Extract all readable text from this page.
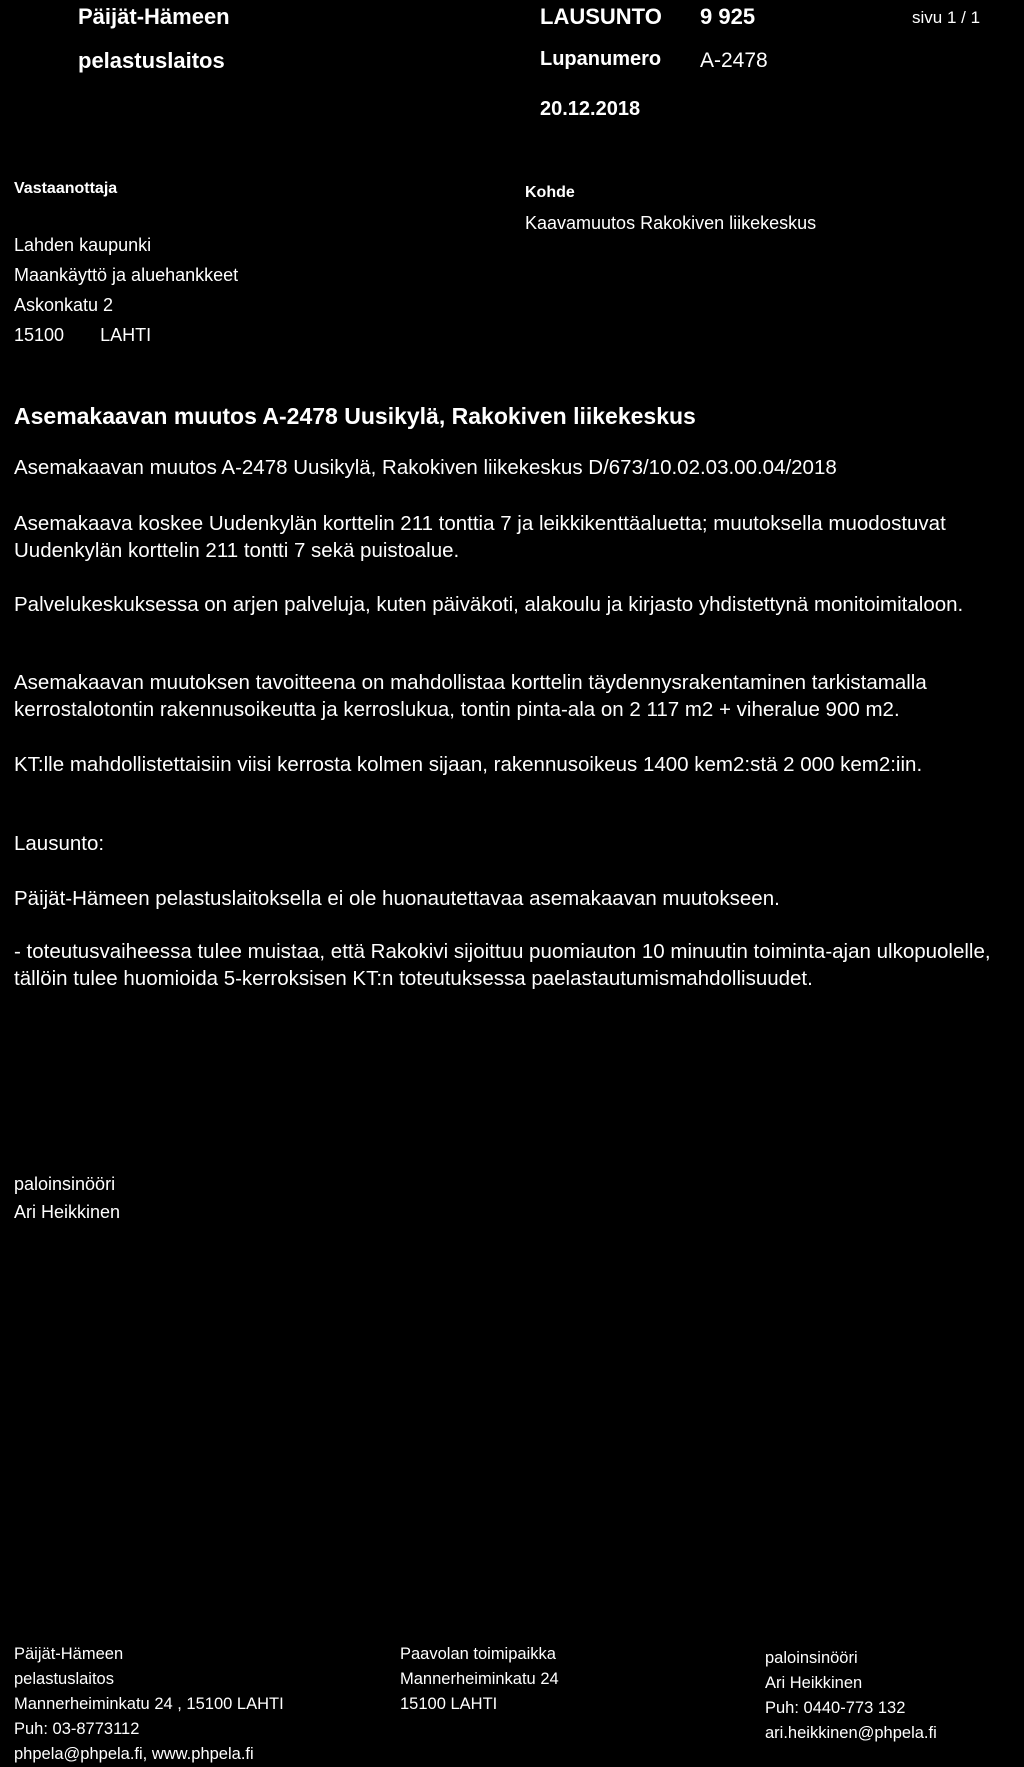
Päijät-Hämeen
pelastuslaitos
LAUSUNTO 9 925	sivu 1 / 1
Lupanumero A-2478
20.12.2018
Vastaanottaja
Lahden kaupunki
Maankäyttö ja aluehankkeet
Askonkatu 2
15100 LAHTI
Kohde
Kaavamuutos Rakokiven liikekeskus
Asemakaavan muutos A-2478 Uusikylä, Rakokiven liikekeskus
Asemakaavan muutos A-2478 Uusikylä, Rakokiven liikekeskus D/673/10.02.03.00.04/2018
Asemakaava koskee Uudenkylän korttelin 211 tonttia 7 ja leikkikenttäaluetta; muutoksella muodostuvat Uudenkylän korttelin 211 tontti 7 sekä puistoalue.
Palvelukeskuksessa on arjen palveluja, kuten päiväkoti, alakoulu ja kirjasto yhdistettynä monitoimitaloon.
Asemakaavan muutoksen tavoitteena on mahdollistaa korttelin täydennysrakentaminen tarkistamalla kerrostalotontin rakennusoikeutta ja kerroslukua, tontin pinta-ala on 2 117 m2 + viheralue 900 m2.
KT:lle mahdollistettaisiin viisi kerrosta kolmen sijaan, rakennusoikeus 1400 kem2:stä 2 000 kem2:iin.
Lausunto:
Päijät-Hämeen pelastuslaitoksella ei ole huonautettavaa asemakaavan muutokseen.
- toteutusvaiheessa tulee muistaa, että Rakokivi sijoittuu puomiauton 10 minuutin toiminta-ajan ulkopuolelle, tällöin tulee huomioida 5-kerroksisen KT:n toteutuksessa paelastautumismahdollisuudet.
paloinsinööri
Ari Heikkinen
Päijät-Hämeen
pelastuslaitos
Mannerheiminkatu 24 , 15100 LAHTI
Puh: 03-8773112
phpela@phpela.fi, www.phpela.fi
Paavolan toimipaikka
Mannerheiminkatu 24
15100 LAHTI
paloinsinööri
Ari Heikkinen
Puh: 0440-773 132
ari.heikkinen@phpela.fi
